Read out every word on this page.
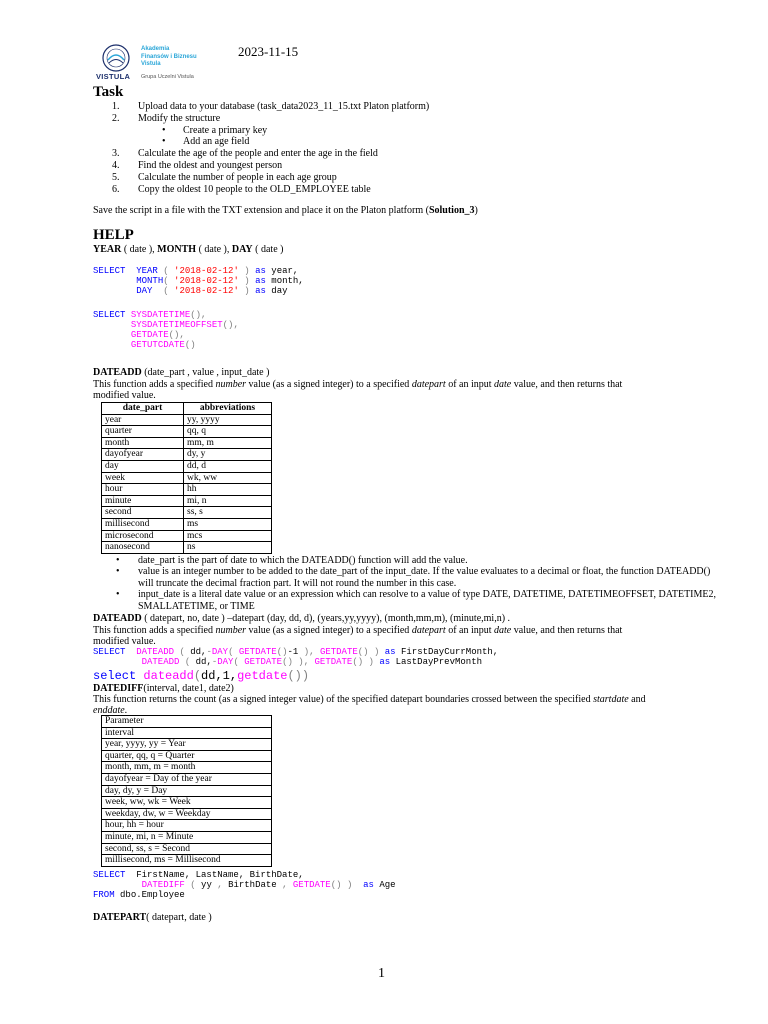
VISTULA
Akademia
Finansów i Biznesu
Vistula
Grupa Uczelni Vistula
2023-11-15
Task
1. Upload data to your database (task_data2023_11_15.txt Platon platform)
2. Modify the structure
• Create a primary key
• Add an age field
3. Calculate the age of the people and enter the age in the field
4. Find the oldest and youngest person
5. Calculate the number of people in each age group
6. Copy the oldest 10 people to the OLD_EMPLOYEE table
Save the script in a file with the TXT extension and place it on the Platon platform (Solution_3)
HELP
YEAR ( date ), MONTH ( date ), DAY ( date )
SELECT YEAR ( '2018-02-12' ) as year,
MONTH( '2018-02-12' ) as month,
DAY ( '2018-02-12' ) as day
SELECT SYSDATETIME(),
SYSDATETIMEOFFSET(),
GETDATE(),
GETUTCDATE()
DATEADD (date_part , value , input_date )
This function adds a specified number value (as a signed integer) to a specified datepart of an input date value, and then returns that modified value.
date_part	abbreviations
year	yy, yyyy
quarter	qq, q
month	mm, m
dayofyear	dy, y
day	dd, d
week	wk, ww
hour	hh
minute	mi, n
second	ss, s
millisecond	ms
microsecond	mcs
nanosecond	ns
• date_part is the part of date to which the DATEADD() function will add the value.
• value is an integer number to be added to the date_part of the input_date. If the value evaluates to a decimal or float, the function DATEADD() will truncate the decimal fraction part. It will not round the number in this case.
• input_date is a literal date value or an expression which can resolve to a value of type DATE, DATETIME, DATETIMEOFFSET, DATETIME2, SMALLATETIME, or TIME
DATEADD ( datepart, no, date ) –datepart (day, dd, d), (years,yy,yyyy), (month,mm,m), (minute,mi,n) .
This function adds a specified number value (as a signed integer) to a specified datepart of an input date value, and then returns that modified value.
SELECT DATEADD ( dd,-DAY( GETDATE()-1 ), GETDATE() ) as FirstDayCurrMonth,
DATEADD ( dd,-DAY( GETDATE() ), GETDATE() ) as LastDayPrevMonth
select dateadd(dd,1,getdate())
DATEDIFF(interval, date1, date2)
This function returns the count (as a signed integer value) of the specified datepart boundaries crossed between the specified startdate and enddate.
Parameter
interval
year, yyyy, yy = Year
quarter, qq, q = Quarter
month, mm, m = month
dayofyear = Day of the year
day, dy, y = Day
week, ww, wk = Week
weekday, dw, w = Weekday
hour, hh = hour
minute, mi, n = Minute
second, ss, s = Second
millisecond, ms = Millisecond
SELECT FirstName, LastName, BirthDate,
DATEDIFF ( yy , BirthDate , GETDATE() ) as Age
FROM dbo.Employee
DATEPART( datepart, date )
1
